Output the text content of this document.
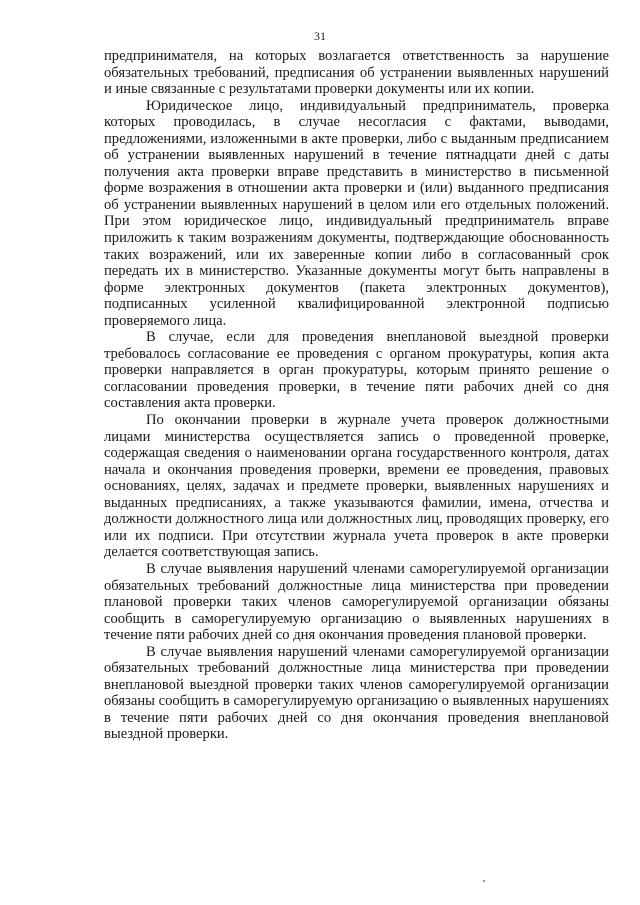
31

предпринимателя, на которых возлагается ответственность за нарушение обязательных требований, предписания об устранении выявленных нарушений и иные связанные с результатами проверки документы или их копии.

Юридическое лицо, индивидуальный предприниматель, проверка которых проводилась, в случае несогласия с фактами, выводами, предложениями, изложенными в акте проверки, либо с выданным предписанием об устранении выявленных нарушений в течение пятнадцати дней с даты получения акта проверки вправе представить в министерство в письменной форме возражения в отношении акта проверки и (или) выданного предписания об устранении выявленных нарушений в целом или его отдельных положений. При этом юридическое лицо, индивидуальный предприниматель вправе приложить к таким возражениям документы, подтверждающие обоснованность таких возражений, или их заверенные копии либо в согласованный срок передать их в министерство. Указанные документы могут быть направлены в форме электронных документов (пакета электронных документов), подписанных усиленной квалифицированной электронной подписью проверяемого лица.

В случае, если для проведения внеплановой выездной проверки требовалось согласование ее проведения с органом прокуратуры, копия акта проверки направляется в орган прокуратуры, которым принято решение о согласовании проведения проверки, в течение пяти рабочих дней со дня составления акта проверки.

По окончании проверки в журнале учета проверок должностными лицами министерства осуществляется запись о проведенной проверке, содержащая сведения о наименовании органа государственного контроля, датах начала и окончания проведения проверки, времени ее проведения, правовых основаниях, целях, задачах и предмете проверки, выявленных нарушениях и выданных предписаниях, а также указываются фамилии, имена, отчества и должности должностного лица или должностных лиц, проводящих проверку, его или их подписи. При отсутствии журнала учета проверок в акте проверки делается соответствующая запись.

В случае выявления нарушений членами саморегулируемой организации обязательных требований должностные лица министерства при проведении плановой проверки таких членов саморегулируемой организации обязаны сообщить в саморегулируемую организацию о выявленных нарушениях в течение пяти рабочих дней со дня окончания проведения плановой проверки.

В случае выявления нарушений членами саморегулируемой организации обязательных требований должностные лица министерства при проведении внеплановой выездной проверки таких членов саморегулируемой организации обязаны сообщить в саморегулируемую организацию о выявленных нарушениях в течение пяти рабочих дней со дня окончания проведения внеплановой выездной проверки.
